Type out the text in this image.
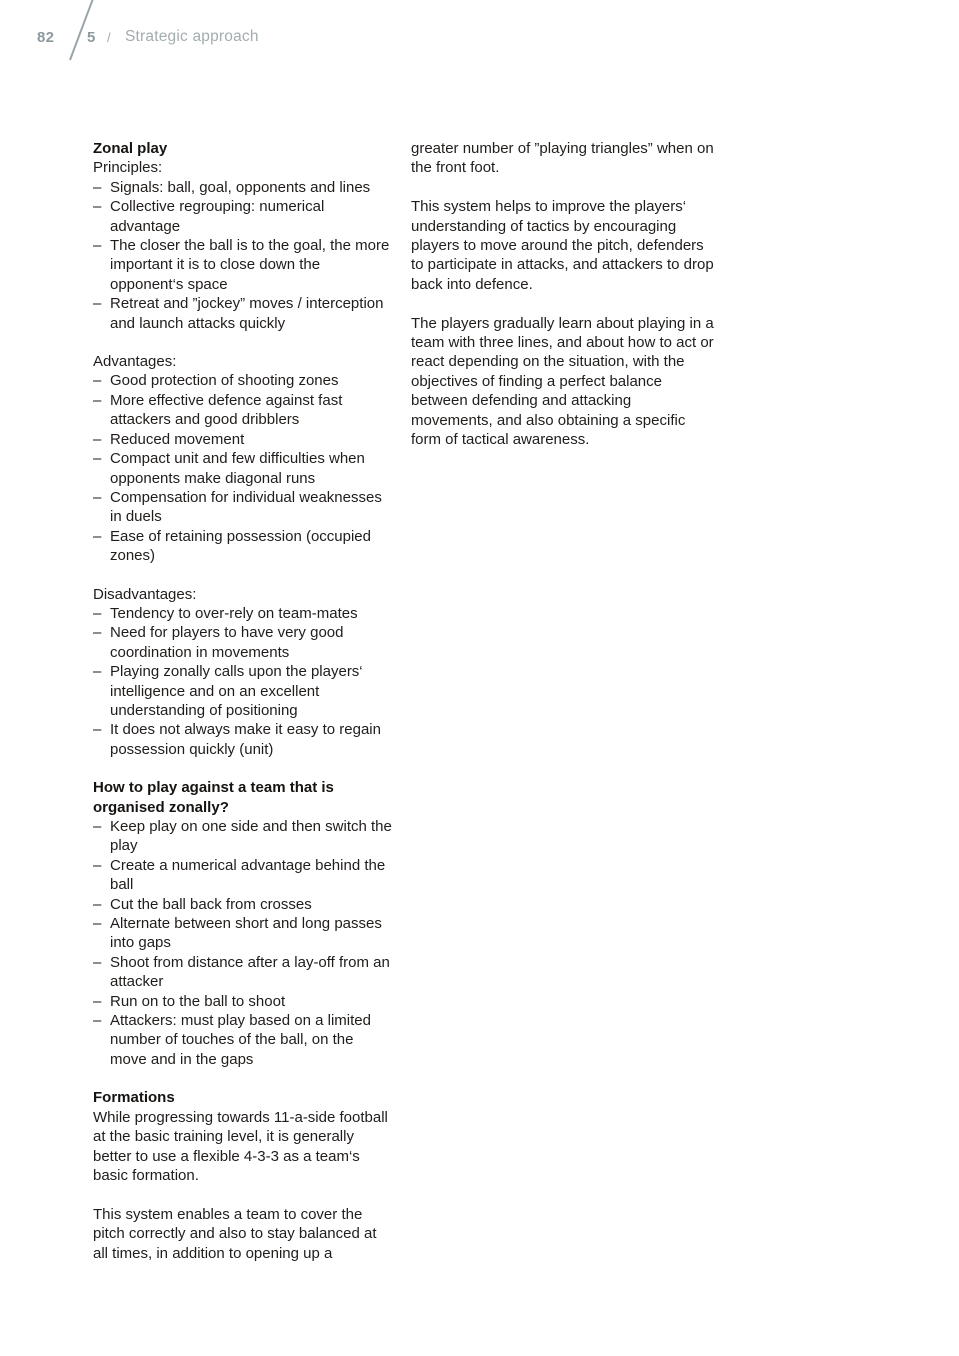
82 5 / Strategic approach
Zonal play

Principles:

– Signals: ball, goal, opponents and lines
– Collective regrouping: numerical advantage
– The closer the ball is to the goal, the more important it is to close down the opponent‘s space
– Retreat and ”jockey” moves / interception and launch attacks quickly

Advantages:

– Good protection of shooting zones
– More effective defence against fast attackers and good dribblers
– Reduced movement
– Compact unit and few difficulties when opponents make diagonal runs
– Compensation for individual weaknesses in duels
– Ease of retaining possession (occupied zones)

Disadvantages:

– Tendency to over-rely on team-mates
– Need for players to have very good coordination in movements
– Playing zonally calls upon the players‘ intelligence and on an excellent understanding of positioning
– It does not always make it easy to regain possession quickly (unit)
How to play against a team that is organised zonally?
– Keep play on one side and then switch the play
– Create a numerical advantage behind the ball
– Cut the ball back from crosses
– Alternate between short and long passes into gaps
– Shoot from distance after a lay-off from an attacker
– Run on to the ball to shoot
– Attackers: must play based on a limited number of touches of the ball, on the move and in the gaps
Formations

While progressing towards 11-a-side football at the basic training level, it is generally better to use a flexible 4-3-3 as a team‘s basic formation.

This system enables a team to cover the pitch correctly and also to stay balanced at all times, in addition to opening up a

greater number of ”playing triangles” when on the front foot.

This system helps to improve the players‘ understanding of tactics by encouraging players to move around the pitch, defenders to participate in attacks, and attackers to drop back into defence.

The players gradually learn about playing in a team with three lines, and about how to act or react depending on the situation, with the objectives of finding a perfect balance between defending and attacking movements, and also obtaining a specific form of tactical awareness.
